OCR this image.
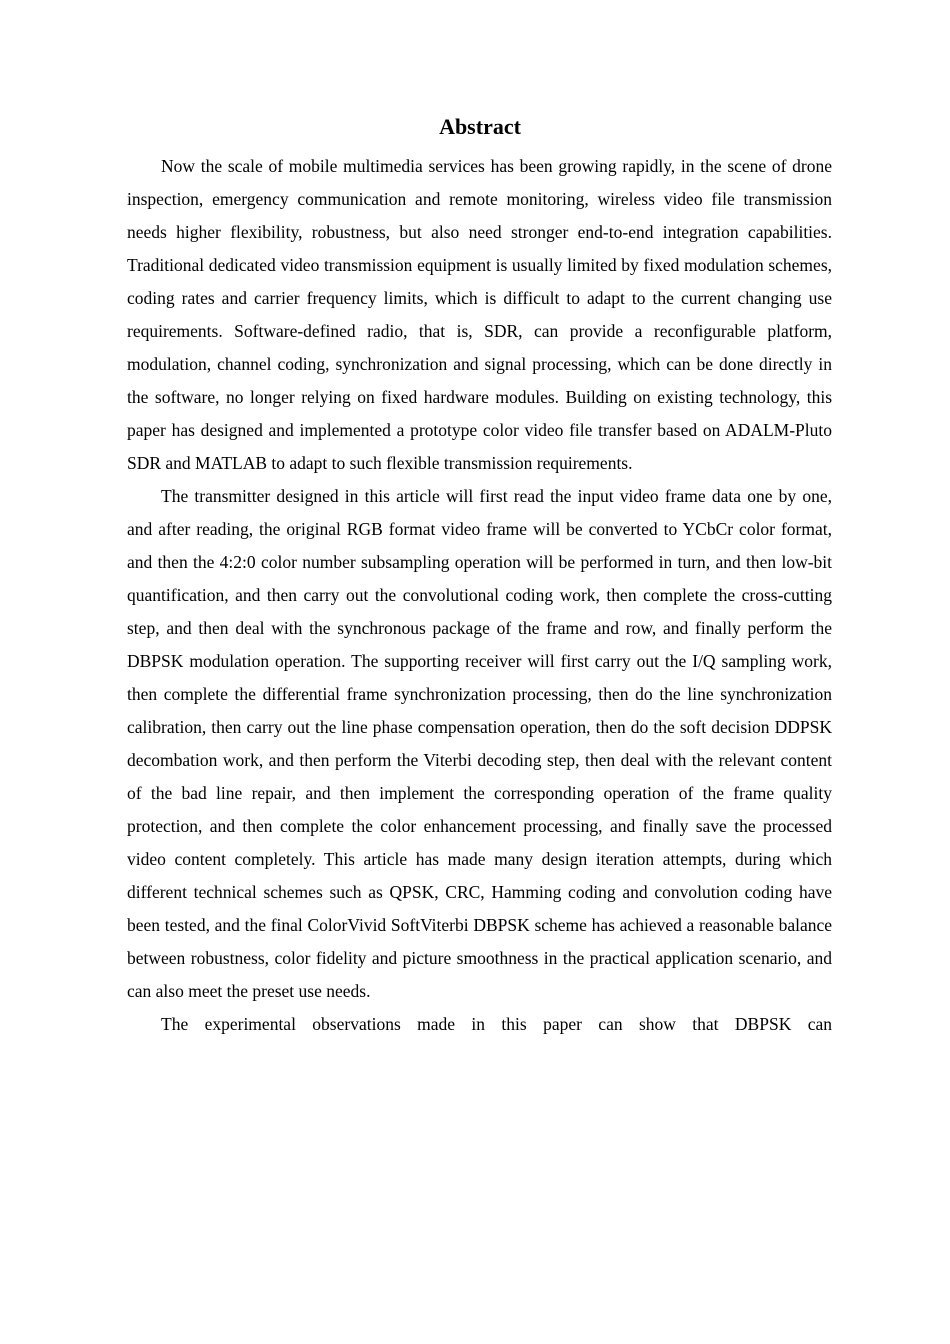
Abstract

Now the scale of mobile multimedia services has been growing rapidly, in the scene of drone inspection, emergency communication and remote monitoring, wireless video file transmission needs higher flexibility, robustness, but also need stronger end-to-end integration capabilities. Traditional dedicated video transmission equipment is usually limited by fixed modulation schemes, coding rates and carrier frequency limits, which is difficult to adapt to the current changing use requirements. Software-defined radio, that is, SDR, can provide a reconfigurable platform, modulation, channel coding, synchronization and signal processing, which can be done directly in the software, no longer relying on fixed hardware modules. Building on existing technology, this paper has designed and implemented a prototype color video file transfer based on ADALM-Pluto SDR and MATLAB to adapt to such flexible transmission requirements.

The transmitter designed in this article will first read the input video frame data one by one, and after reading, the original RGB format video frame will be converted to YCbCr color format, and then the 4:2:0 color number subsampling operation will be performed in turn, and then low-bit quantification, and then carry out the convolutional coding work, then complete the cross-cutting step, and then deal with the synchronous package of the frame and row, and finally perform the DBPSK modulation operation. The supporting receiver will first carry out the I/Q sampling work, then complete the differential frame synchronization processing, then do the line synchronization calibration, then carry out the line phase compensation operation, then do the soft decision DDPSK decombation work, and then perform the Viterbi decoding step, then deal with the relevant content of the bad line repair, and then implement the corresponding operation of the frame quality protection, and then complete the color enhancement processing, and finally save the processed video content completely. This article has made many design iteration attempts, during which different technical schemes such as QPSK, CRC, Hamming coding and convolution coding have been tested, and the final ColorVivid SoftViterbi DBPSK scheme has achieved a reasonable balance between robustness, color fidelity and picture smoothness in the practical application scenario, and can also meet the preset use needs.

The experimental observations made in this paper can show that DBPSK can
